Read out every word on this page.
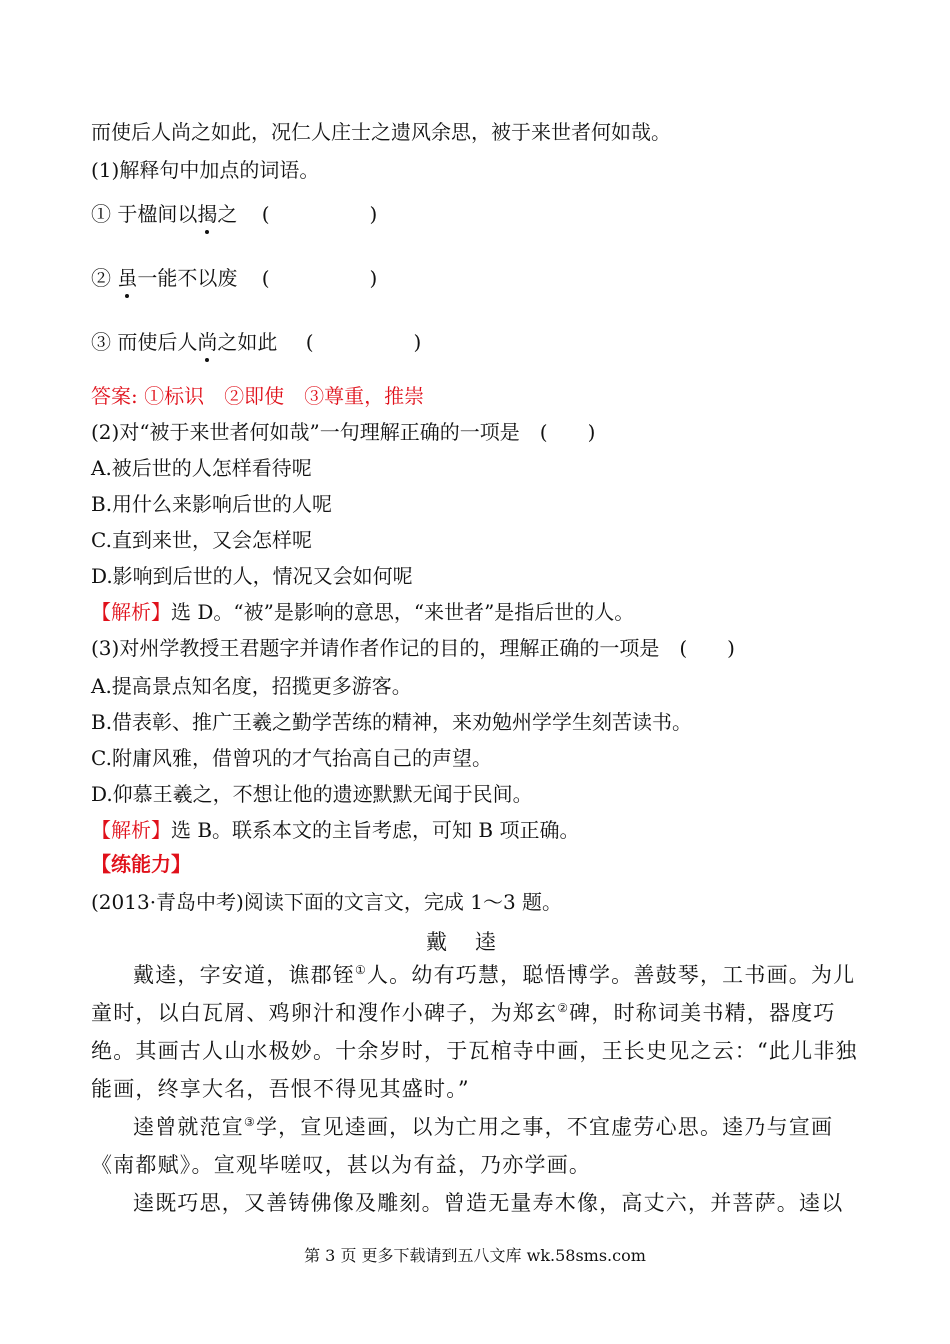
而使后人尚之如此，况仁人庄士之遗风余思，被于来世者何如哉。
(1)解释句中加点的词语。
① 于楹间以揭之 (　　　　　)
② 虽一能不以废 (　　　　　)
③ 而使后人尚之如此 (　　　　　)
答案: ①标识　②即使　③尊重，推崇
(2)对“被于来世者何如哉”一句理解正确的一项是　(　　)
A.被后世的人怎样看待呢
B.用什么来影响后世的人呢
C.直到来世，又会怎样呢
D.影响到后世的人，情况又会如何呢
【解析】选 D。“被”是影响的意思，“来世者”是指后世的人。
(3)对州学教授王君题字并请作者作记的目的，理解正确的一项是　(　　)
A.提高景点知名度，招揽更多游客。
B.借表彰、推广王羲之勤学苦练的精神，来劝勉州学学生刻苦读书。
C.附庸风雅，借曾巩的才气抬高自己的声望。
D.仰慕王羲之，不想让他的遗迹默默无闻于民间。
【解析】选 B。联系本文的主旨考虑，可知 B 项正确。
【练能力】
(2013·青岛中考)阅读下面的文言文，完成 1～3 题。
戴逵
戴逵，字安道，谯郡铚①人。幼有巧慧，聪悟博学。善鼓琴，工书画。为儿童时，以白瓦屑、鸡卵汁和溲作小碑子，为郑玄②碑，时称词美书精，器度巧绝。其画古人山水极妙。十余岁时，于瓦棺寺中画，王长史见之云：“此儿非独能画，终享大名，吾恨不得见其盛时。”
逵曾就范宣③学，宣见逵画，以为亡用之事，不宜虚劳心思。逵乃与宣画《南都赋》。宣观毕嗟叹，甚以为有益，乃亦学画。
逵既巧思，又善铸佛像及雕刻。曾造无量寿木像，高丈六，并菩萨。逵以
第 3 页 更多下载请到五八文库 wk.58sms.com
